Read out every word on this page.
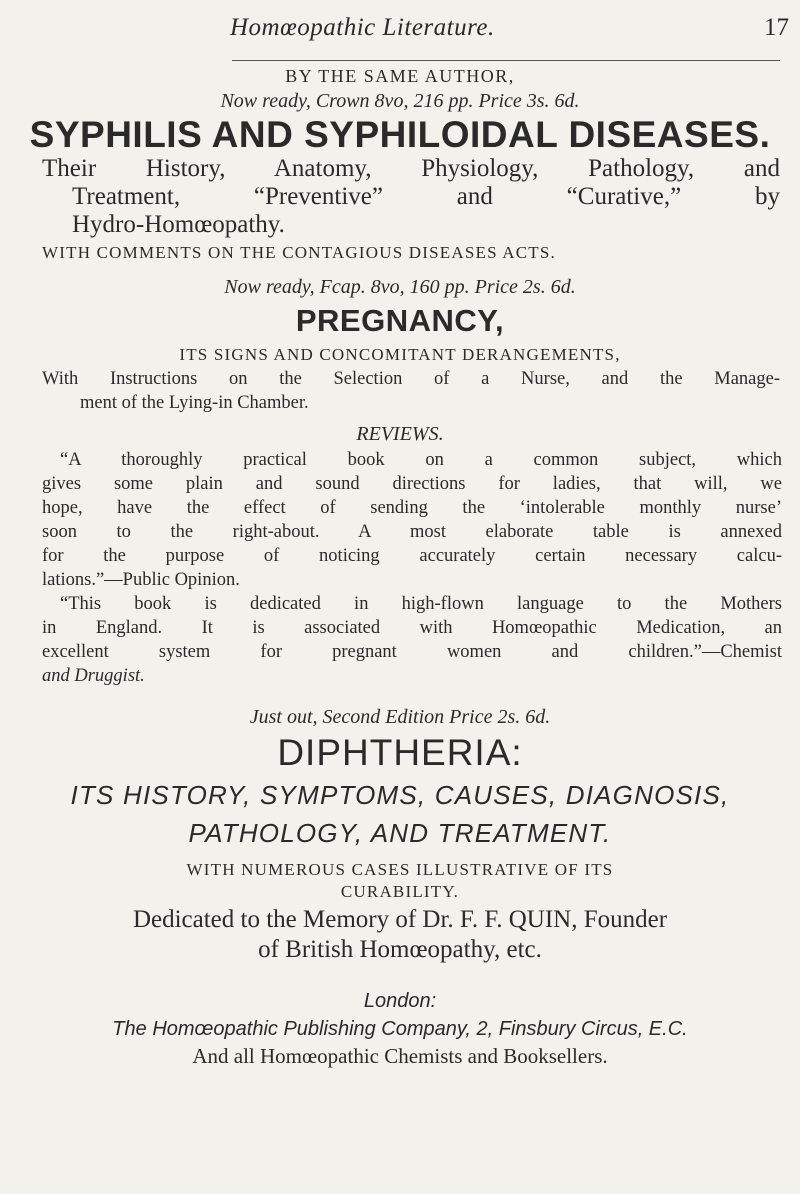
Homœopathic Literature.	17
BY THE SAME AUTHOR,
Now ready, Crown 8vo, 216 pp. Price 3s. 6d.
SYPHILIS AND SYPHILOIDAL DISEASES.
Their History, Anatomy, Physiology, Pathology, and
Treatment, “Preventive” and “Curative,” by
Hydro-Homœopathy.
WITH COMMENTS ON THE CONTAGIOUS DISEASES ACTS.
Now ready, Fcap. 8vo, 160 pp. Price 2s. 6d.
PREGNANCY,
ITS SIGNS AND CONCOMITANT DERANGEMENTS,
With Instructions on the Selection of a Nurse, and the Manage-
ment of the Lying-in Chamber.
REVIEWS.
“A thoroughly practical book on a common subject, which
gives some plain and sound directions for ladies, that will, we
hope, have the effect of sending the ‘intolerable monthly nurse’
soon to the right-about. A most elaborate table is annexed
for the purpose of noticing accurately certain necessary calcu-
lations.”—Public Opinion.
“This book is dedicated in high-flown language to the Mothers
in England. It is associated with Homœopathic Medication, an
excellent system for pregnant women and children.”—Chemist
and Druggist.
Just out, Second Edition Price 2s. 6d.
DIPHTHERIA:
ITS HISTORY, SYMPTOMS, CAUSES, DIAGNOSIS,
PATHOLOGY, AND TREATMENT.
WITH NUMEROUS CASES ILLUSTRATIVE OF ITS
CURABILITY.
Dedicated to the Memory of Dr. F. F. QUIN, Founder
of British Homœopathy, etc.
London:
The Homœopathic Publishing Company, 2, Finsbury Circus, E.C.
And all Homœopathic Chemists and Booksellers.
